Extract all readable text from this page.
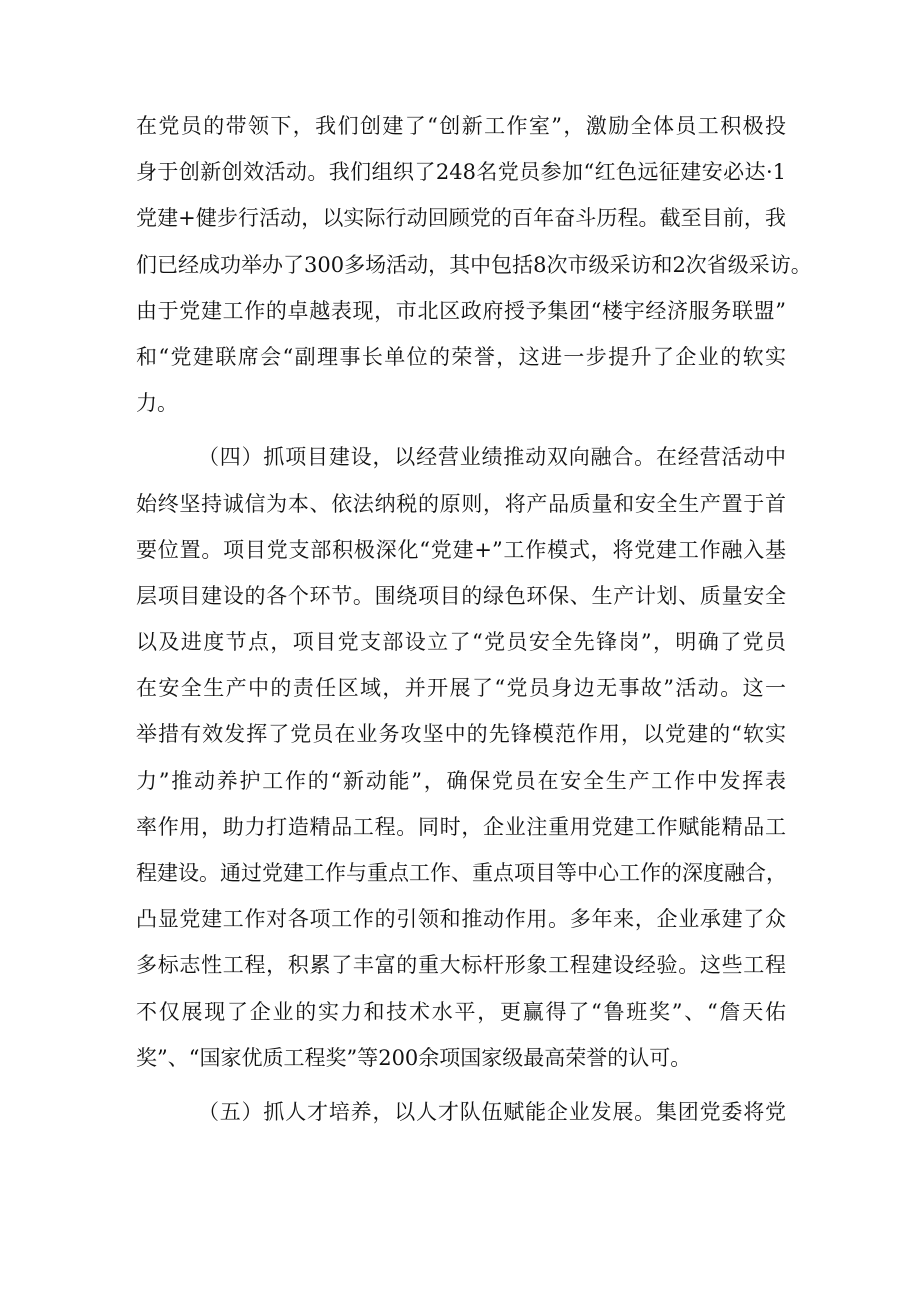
在党员的带领下，我们创建了“创新工作室”，激励全体员工积极投
身于创新创效活动。我们组织了248名党员参加“红色远征建安必达·1
党建+健步行活动，以实际行动回顾党的百年奋斗历程。截至目前，我
们已经成功举办了300多场活动，其中包括8次市级采访和2次省级采访。
由于党建工作的卓越表现，市北区政府授予集团“楼宇经济服务联盟”
和“党建联席会“副理事长单位的荣誉，这进一步提升了企业的软实
力。
（四）抓项目建设，以经营业绩推动双向融合。在经营活动中
始终坚持诚信为本、依法纳税的原则，将产品质量和安全生产置于首
要位置。项目党支部积极深化“党建+”工作模式，将党建工作融入基
层项目建设的各个环节。围绕项目的绿色环保、生产计划、质量安全
以及进度节点，项目党支部设立了“党员安全先锋岗”，明确了党员
在安全生产中的责任区域，并开展了“党员身边无事故”活动。这一
举措有效发挥了党员在业务攻坚中的先锋模范作用，以党建的“软实
力”推动养护工作的“新动能”，确保党员在安全生产工作中发挥表
率作用，助力打造精品工程。同时，企业注重用党建工作赋能精品工
程建设。通过党建工作与重点工作、重点项目等中心工作的深度融合，
凸显党建工作对各项工作的引领和推动作用。多年来，企业承建了众
多标志性工程，积累了丰富的重大标杆形象工程建设经验。这些工程
不仅展现了企业的实力和技术水平，更赢得了“鲁班奖”、“詹天佑
奖”、“国家优质工程奖”等200余项国家级最高荣誉的认可。
（五）抓人才培养，以人才队伍赋能企业发展。集团党委将党
